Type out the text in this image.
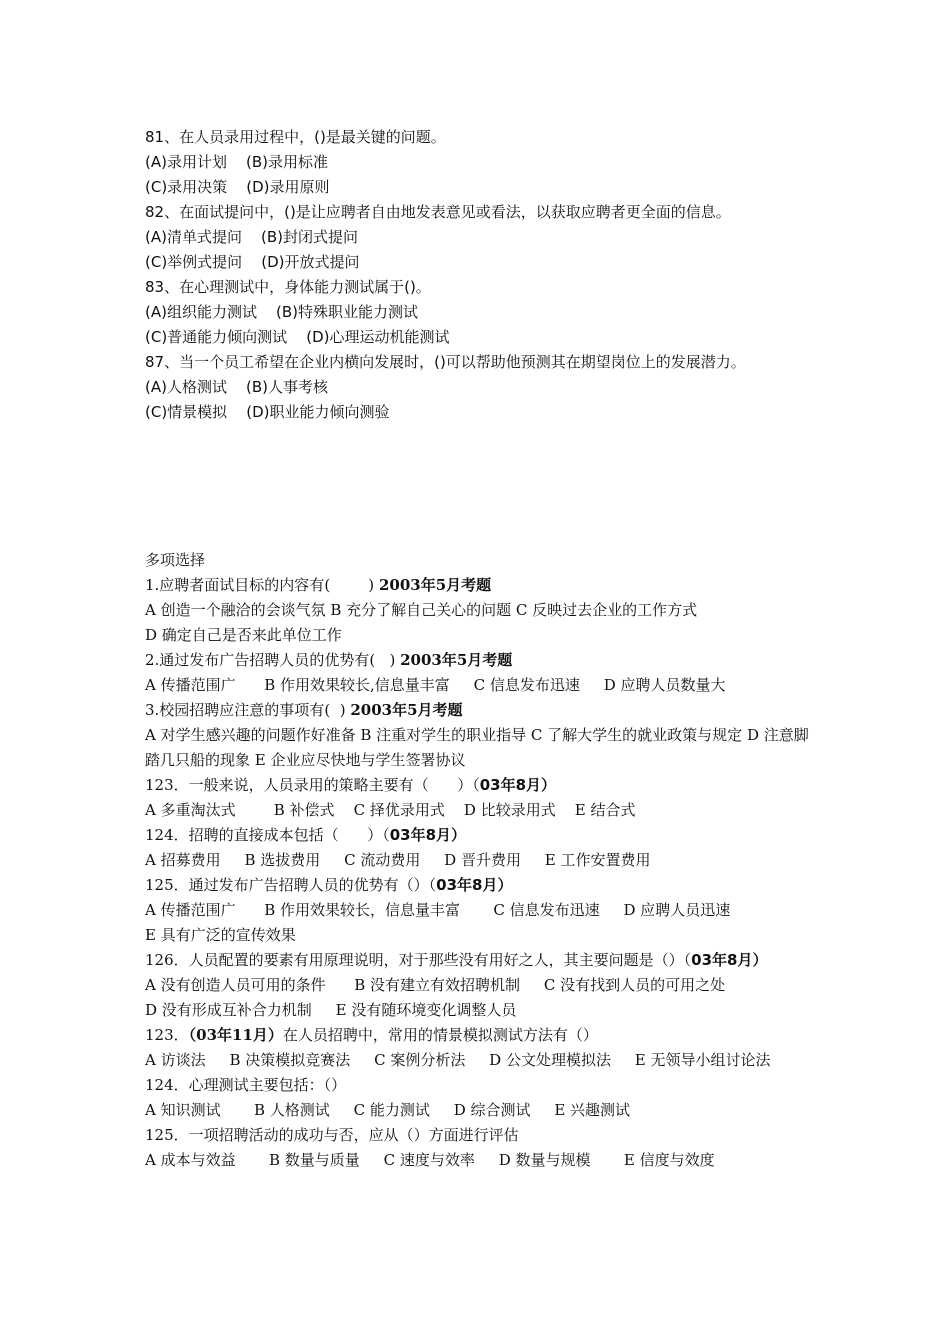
81、在人员录用过程中，()是最关键的问题。
(A)录用计划    (B)录用标准
(C)录用决策    (D)录用原则
82、在面试提问中，()是让应聘者自由地发表意见或看法，以获取应聘者更全面的信息。
(A)清单式提问    (B)封闭式提问
(C)举例式提问    (D)开放式提问
83、在心理测试中，身体能力测试属于()。
(A)组织能力测试    (B)特殊职业能力测试
(C)普通能力倾向测试    (D)心理运动机能测试
87、当一个员工希望在企业内横向发展时，()可以帮助他预测其在期望岗位上的发展潜力。
(A)人格测试    (B)人事考核
(C)情景模拟    (D)职业能力倾向测验
多项选择
1.应聘者面试目标的内容有(        ) 2003年5月考题
A 创造一个融洽的会谈气氛 B 充分了解自己关心的问题 C 反映过去企业的工作方式
D 确定自己是否来此单位工作
2.通过发布广告招聘人员的优势有(   ) 2003年5月考题
A 传播范围广      B 作用效果较长,信息量丰富     C 信息发布迅速     D 应聘人员数量大
3.校园招聘应注意的事项有(  ) 2003年5月考题
A 对学生感兴趣的问题作好准备 B 注重对学生的职业指导 C 了解大学生的就业政策与规定 D 注意脚踏几只船的现象 E 企业应尽快地与学生签署协议
123．一般来说，人员录用的策略主要有（      ）（03年8月）
A 多重淘汰式        B 补偿式    C 择优录用式    D 比较录用式    E 结合式
124．招聘的直接成本包括（      ）（03年8月）
A 招募费用     B 选拔费用     C 流动费用     D 晋升费用     E 工作安置费用
125．通过发布广告招聘人员的优势有（）（03年8月）
A 传播范围广      B 作用效果较长，信息量丰富       C 信息发布迅速     D 应聘人员迅速
E 具有广泛的宣传效果
126．人员配置的要素有用原理说明，对于那些没有用好之人，其主要问题是（）（03年8月）
A 没有创造人员可用的条件      B 没有建立有效招聘机制     C 没有找到人员的可用之处
D 没有形成互补合力机制     E 没有随环境变化调整人员
123．（03年11月）在人员招聘中，常用的情景模拟测试方法有（）
A 访谈法     B 决策模拟竞赛法     C 案例分析法     D 公文处理模拟法     E 无领导小组讨论法
124．心理测试主要包括：（）
A 知识测试       B 人格测试     C 能力测试     D 综合测试     E 兴趣测试
125．一项招聘活动的成功与否，应从（）方面进行评估
A 成本与效益       B 数量与质量     C 速度与效率     D 数量与规模       E 信度与效度
